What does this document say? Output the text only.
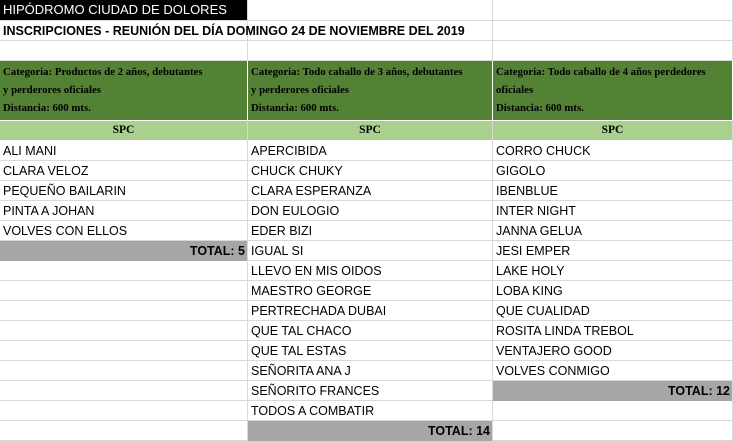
HIPÓDROMO CIUDAD DE DOLORES
INSCRIPCIONES - REUNIÓN DEL DÍA DOMINGO 24 DE NOVIEMBRE DEL 2019
Categoria: Productos de 2 años, debutantes
y perderores oficiales
Distancia: 600 mts.
SPC
Categoria: Todo caballo de 3 años, debutantes
y perderores oficiales
Distancia: 600 mts.
SPC
Categoria: Todo caballo de 4 años perdedores
oficiales
Distancia: 600 mts.
SPC
ALI MANI
CLARA VELOZ
PEQUEÑO BAILARIN
PINTA A JOHAN
VOLVES CON ELLOS
TOTAL: 5
APERCIBIDA
CHUCK CHUKY
CLARA ESPERANZA
DON EULOGIO
EDER BIZI
IGUAL SI
LLEVO EN MIS OIDOS
MAESTRO GEORGE
PERTRECHADA DUBAI
QUE TAL CHACO
QUE TAL ESTAS
SEÑORITA ANA J
SEÑORITO FRANCES
TODOS A COMBATIR
TOTAL: 14
CORRO CHUCK
GIGOLO
IBENBLUE
INTER NIGHT
JANNA GELUA
JESI EMPER
LAKE HOLY
LOBA KING
QUE CUALIDAD
ROSITA LINDA TREBOL
VENTAJERO GOOD
VOLVES CONMIGO
TOTAL: 12
